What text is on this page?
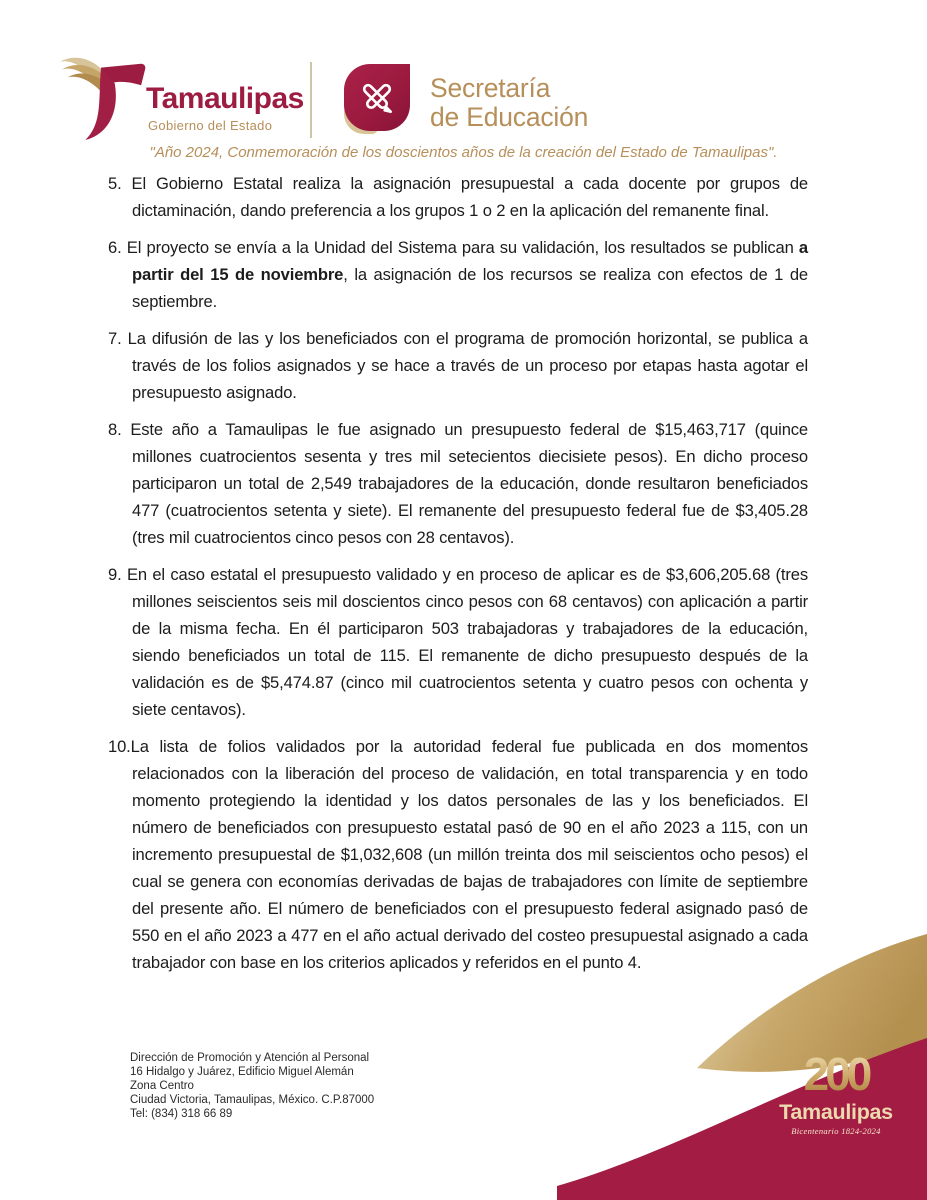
Tamaulipas
Gobierno del Estado
Secretaría
de Educación
"Año 2024, Conmemoración de los doscientos años de la creación del Estado de Tamaulipas".

5. El Gobierno Estatal realiza la asignación presupuestal a cada docente por grupos de dictaminación, dando preferencia a los grupos 1 o 2 en la aplicación del remanente final.

6. El proyecto se envía a la Unidad del Sistema para su validación, los resultados se publican a partir del 15 de noviembre, la asignación de los recursos se realiza con efectos de 1 de septiembre.

7. La difusión de las y los beneficiados con el programa de promoción horizontal, se publica a través de los folios asignados y se hace a través de un proceso por etapas hasta agotar el presupuesto asignado.

8. Este año a Tamaulipas le fue asignado un presupuesto federal de $15,463,717 (quince millones cuatrocientos sesenta y tres mil setecientos diecisiete pesos). En dicho proceso participaron un total de 2,549 trabajadores de la educación, donde resultaron beneficiados 477 (cuatrocientos setenta y siete). El remanente del presupuesto federal fue de $3,405.28 (tres mil cuatrocientos cinco pesos con 28 centavos).

9. En el caso estatal el presupuesto validado y en proceso de aplicar es de $3,606,205.68 (tres millones seiscientos seis mil doscientos cinco pesos con 68 centavos) con aplicación a partir de la misma fecha. En él participaron 503 trabajadoras y trabajadores de la educación, siendo beneficiados un total de 115. El remanente de dicho presupuesto después de la validación es de $5,474.87 (cinco mil cuatrocientos setenta y cuatro pesos con ochenta y siete centavos).

10.La lista de folios validados por la autoridad federal fue publicada en dos momentos relacionados con la liberación del proceso de validación, en total transparencia y en todo momento protegiendo la identidad y los datos personales de las y los beneficiados. El número de beneficiados con presupuesto estatal pasó de 90 en el año 2023 a 115, con un incremento presupuestal de $1,032,608 (un millón treinta dos mil seiscientos ocho pesos) el cual se genera con economías derivadas de bajas de trabajadores con límite de septiembre del presente año. El número de beneficiados con el presupuesto federal asignado pasó de 550 en el año 2023 a 477 en el año actual derivado del costeo presupuestal asignado a cada trabajador con base en los criterios aplicados y referidos en el punto 4.

Dirección de Promoción y Atención al Personal
16 Hidalgo y Juárez, Edificio Miguel Alemán
Zona Centro
Ciudad Victoria, Tamaulipas, México. C.P.87000
Tel: (834) 318 66 89
200
Tamaulipas
Bicentenario 1824-2024
